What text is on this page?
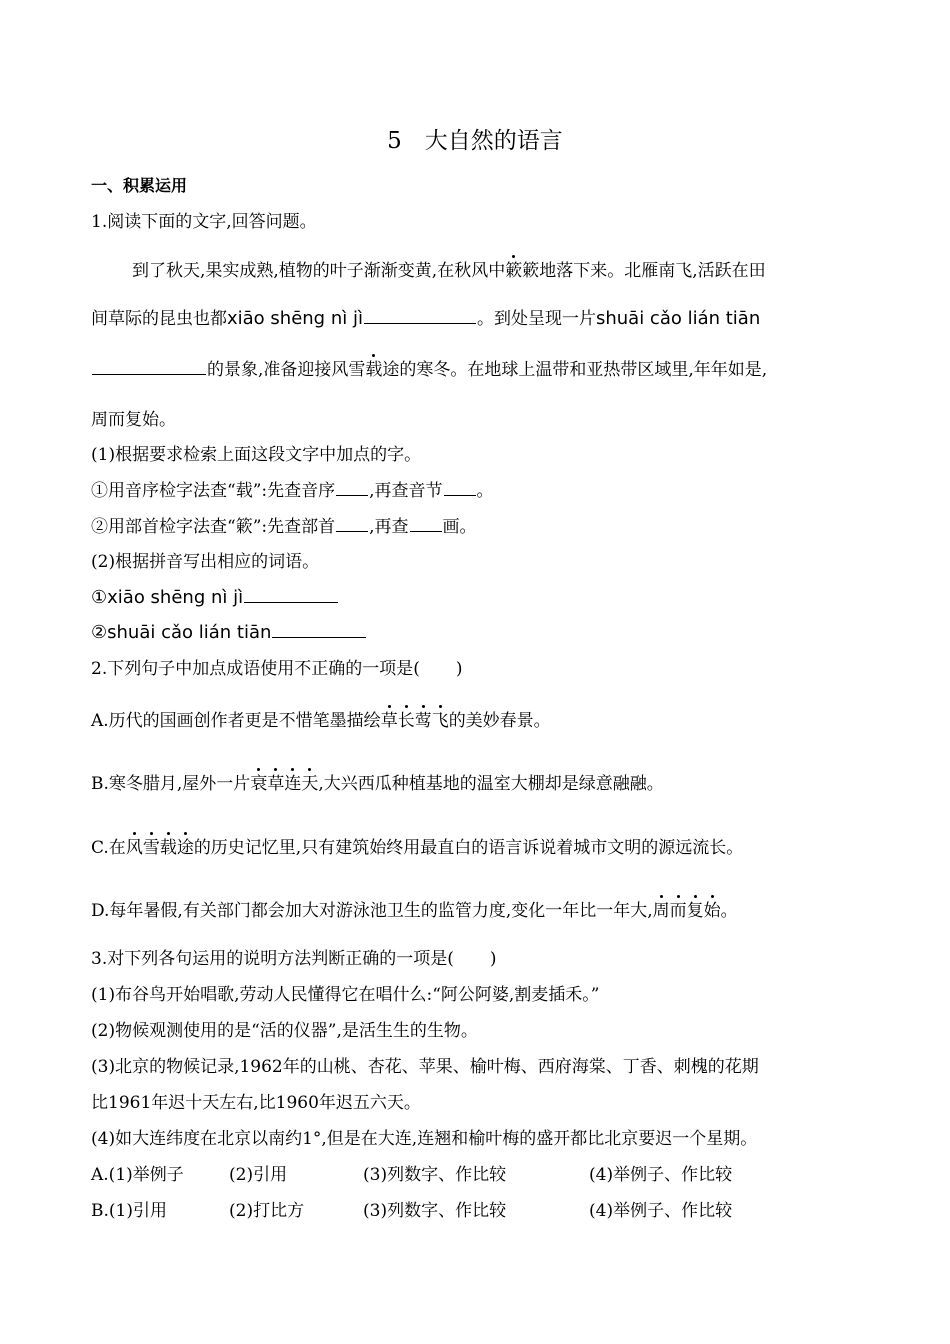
5　大自然的语言
一、积累运用
1.阅读下面的文字,回答问题。
到了秋天,果实成熟,植物的叶子渐渐变黄,在秋风中簌簌地落下来。北雁南飞,活跃在田
间草际的昆虫也都xiāo shēng nì jì	。到处呈现一片shuāi cǎo lián tiān
的景象,准备迎接风雪载途的寒冬。在地球上温带和亚热带区域里,年年如是,
周而复始。
(1)根据要求检索上面这段文字中加点的字。
①用音序检字法查“载”:先查音序 ,再查音节 。
②用部首检字法查“簌”:先查部首 ,再查 画。
(2)根据拼音写出相应的词语。
①xiāo shēng nì jì
②shuāi cǎo lián tiān
2.下列句子中加点成语使用不正确的一项是( )
A.历代的国画创作者更是不惜笔墨描绘草长莺飞的美妙春景。
B.寒冬腊月,屋外一片衰草连天,大兴西瓜种植基地的温室大棚却是绿意融融。
C.在风雪载途的历史记忆里,只有建筑始终用最直白的语言诉说着城市文明的源远流长。
D.每年暑假,有关部门都会加大对游泳池卫生的监管力度,变化一年比一年大,周而复始。
3.对下列各句运用的说明方法判断正确的一项是( )
(1)布谷鸟开始唱歌,劳动人民懂得它在唱什么:“阿公阿婆,割麦插禾。”
(2)物候观测使用的是“活的仪器”,是活生生的生物。
(3)北京的物候记录,1962年的山桃、杏花、苹果、榆叶梅、西府海棠、丁香、刺槐的花期
比1961年迟十天左右,比1960年迟五六天。
(4)如大连纬度在北京以南约1°,但是在大连,连翘和榆叶梅的盛开都比北京要迟一个星期。
A.(1)举例子	(2)引用	(3)列数字、作比较	(4)举例子、作比较
B.(1)引用	(2)打比方	(3)列数字、作比较	(4)举例子、作比较
